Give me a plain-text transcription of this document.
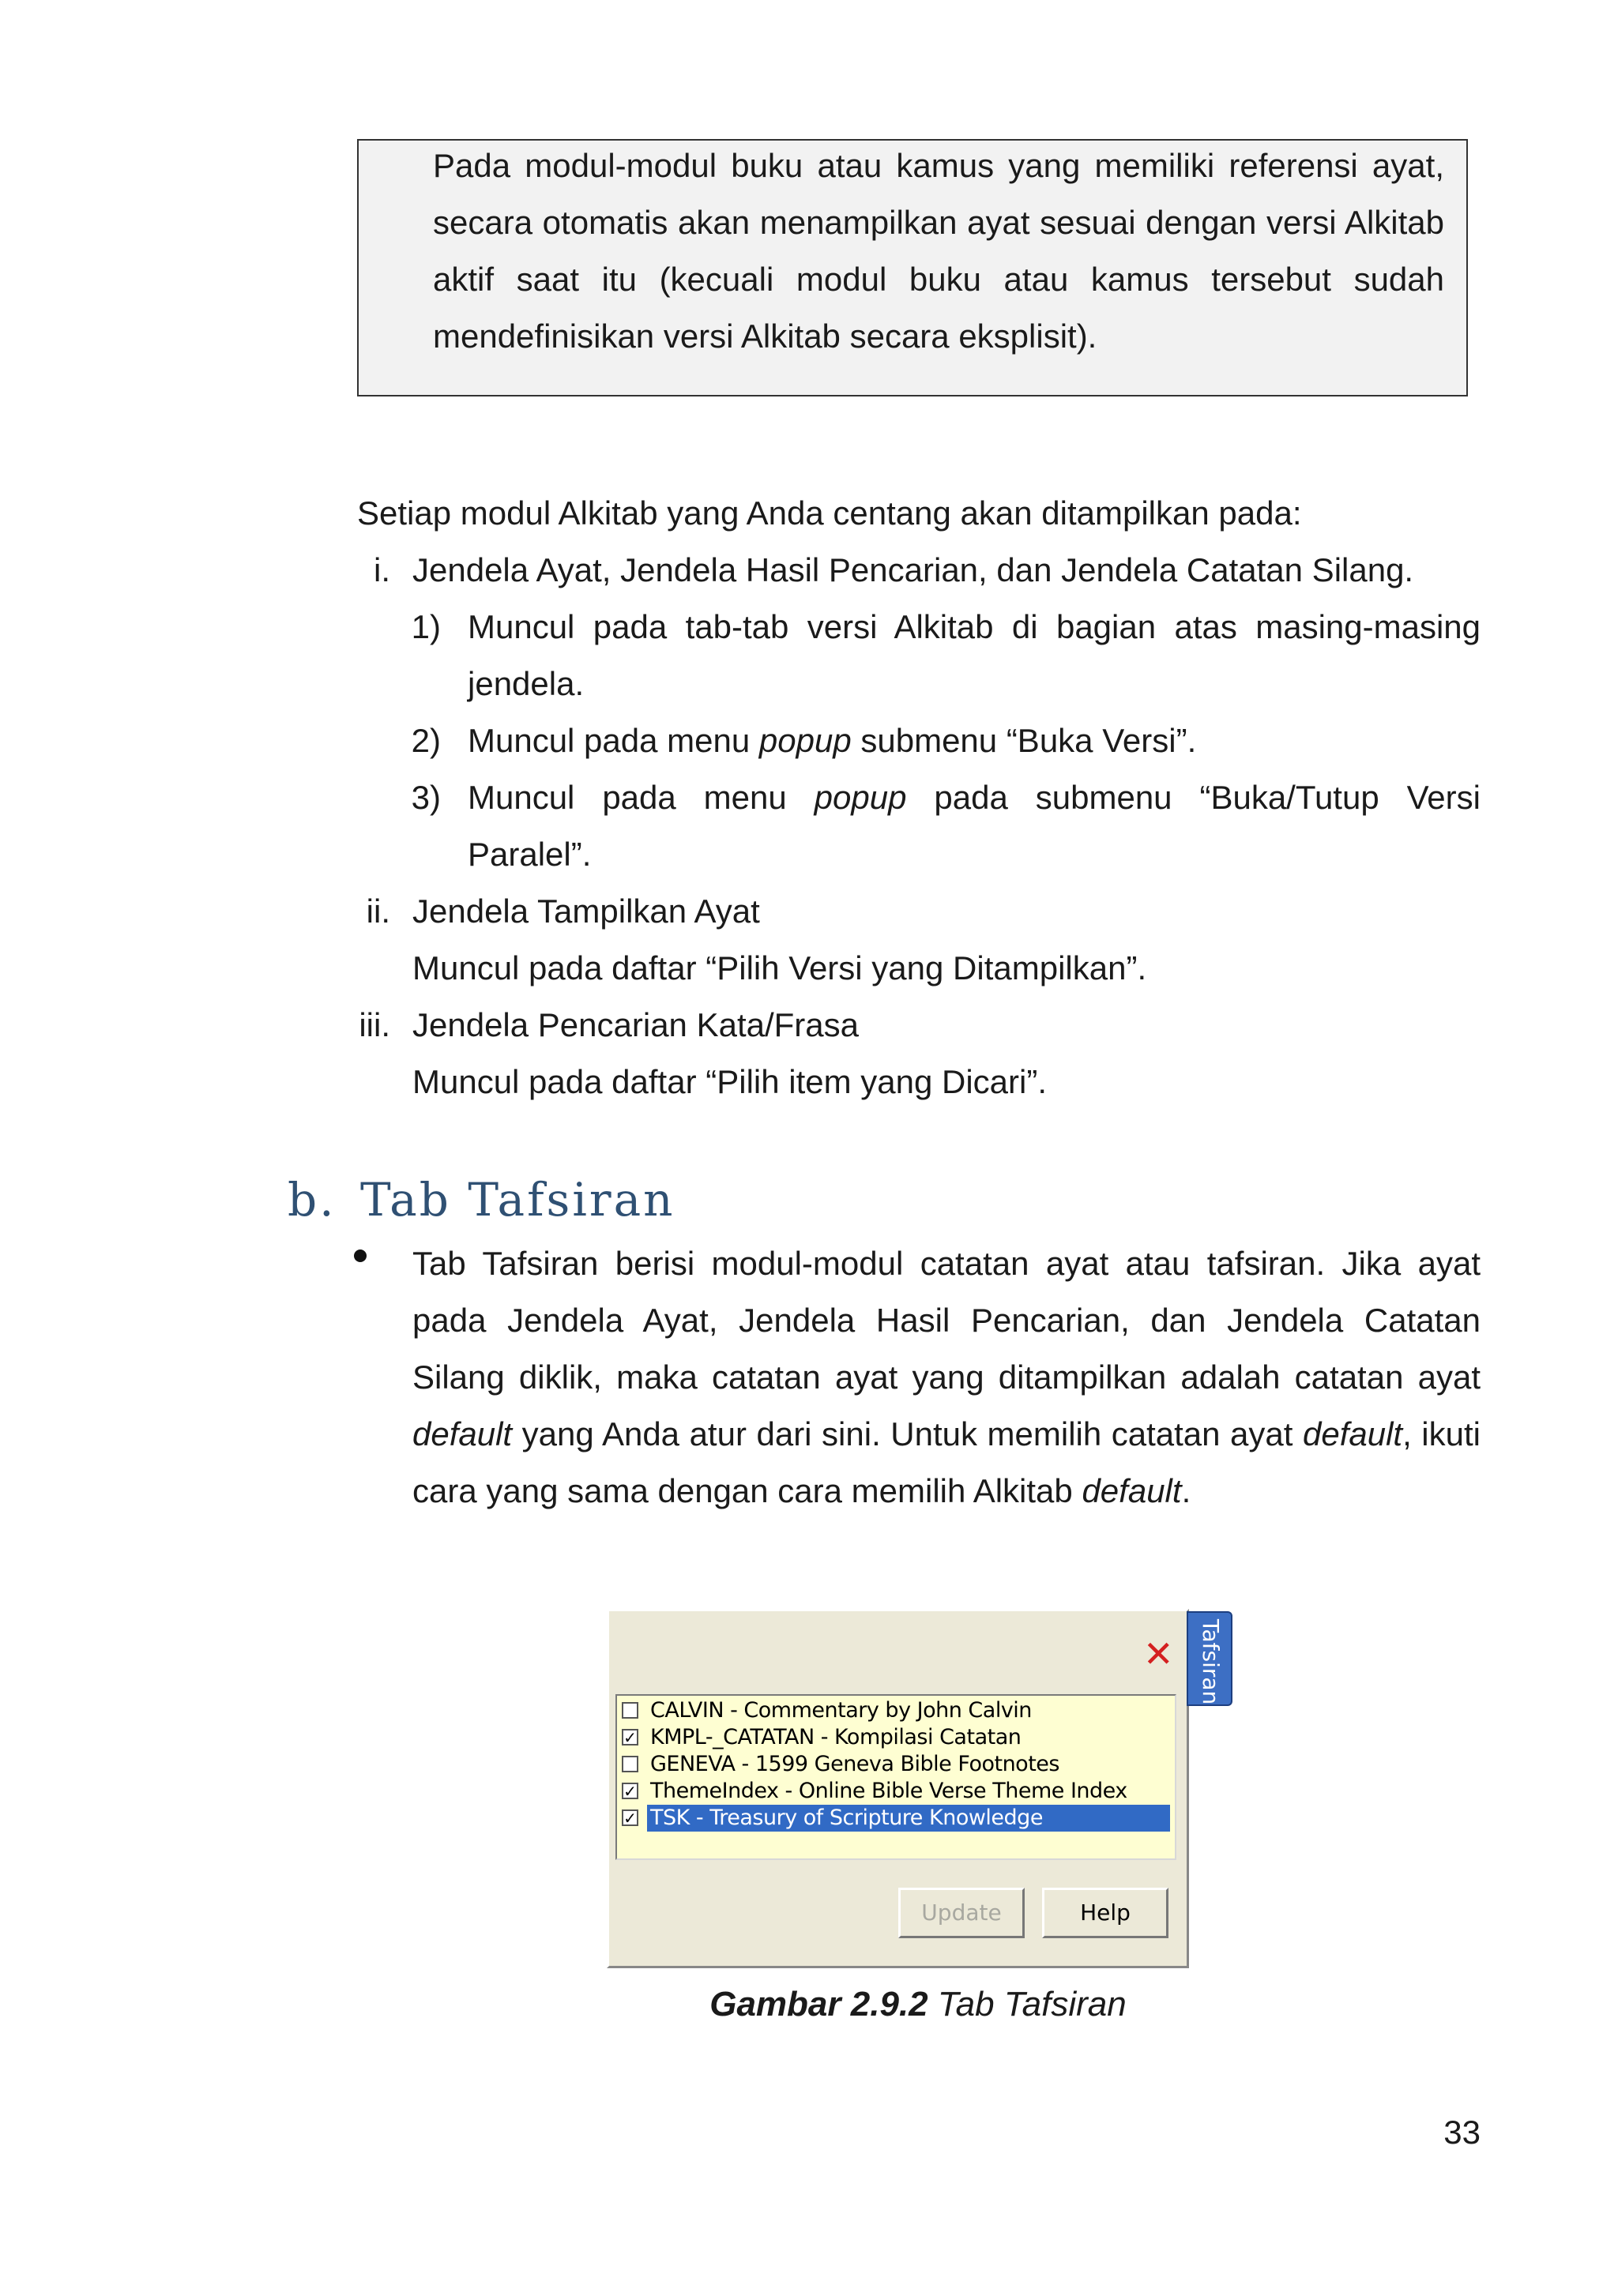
Pada modul-modul buku atau kamus yang memiliki referensi ayat, secara otomatis akan menampilkan ayat sesuai dengan versi Alkitab aktif saat itu (kecuali modul buku atau kamus tersebut sudah mendefinisikan versi Alkitab secara eksplisit).
Setiap modul Alkitab yang Anda centang akan ditampilkan pada:
i. Jendela Ayat, Jendela Hasil Pencarian, dan Jendela Catatan Silang.
1) Muncul pada tab-tab versi Alkitab di bagian atas masing-masing jendela.
2) Muncul pada menu popup submenu “Buka Versi”.
3) Muncul pada menu popup pada submenu “Buka/Tutup Versi Paralel”.
ii. Jendela Tampilkan Ayat
Muncul pada daftar “Pilih Versi yang Ditampilkan”.
iii. Jendela Pencarian Kata/Frasa
Muncul pada daftar “Pilih item yang Dicari”.
b. Tab Tafsiran
Tab Tafsiran berisi modul-modul catatan ayat atau tafsiran. Jika ayat pada Jendela Ayat, Jendela Hasil Pencarian, dan Jendela Catatan Silang diklik, maka catatan ayat yang ditampilkan adalah catatan ayat default yang Anda atur dari sini. Untuk memilih catatan ayat default, ikuti cara yang sama dengan cara memilih Alkitab default.
✕
CALVIN - Commentary by John Calvin
✓ KMPL-_CATATAN - Kompilasi Catatan
GENEVA - 1599 Geneva Bible Footnotes
✓ ThemeIndex - Online Bible Verse Theme Index
✓ TSK - Treasury of Scripture Knowledge
Update	Help
Tafsiran
Gambar 2.9.2 Tab Tafsiran
33
